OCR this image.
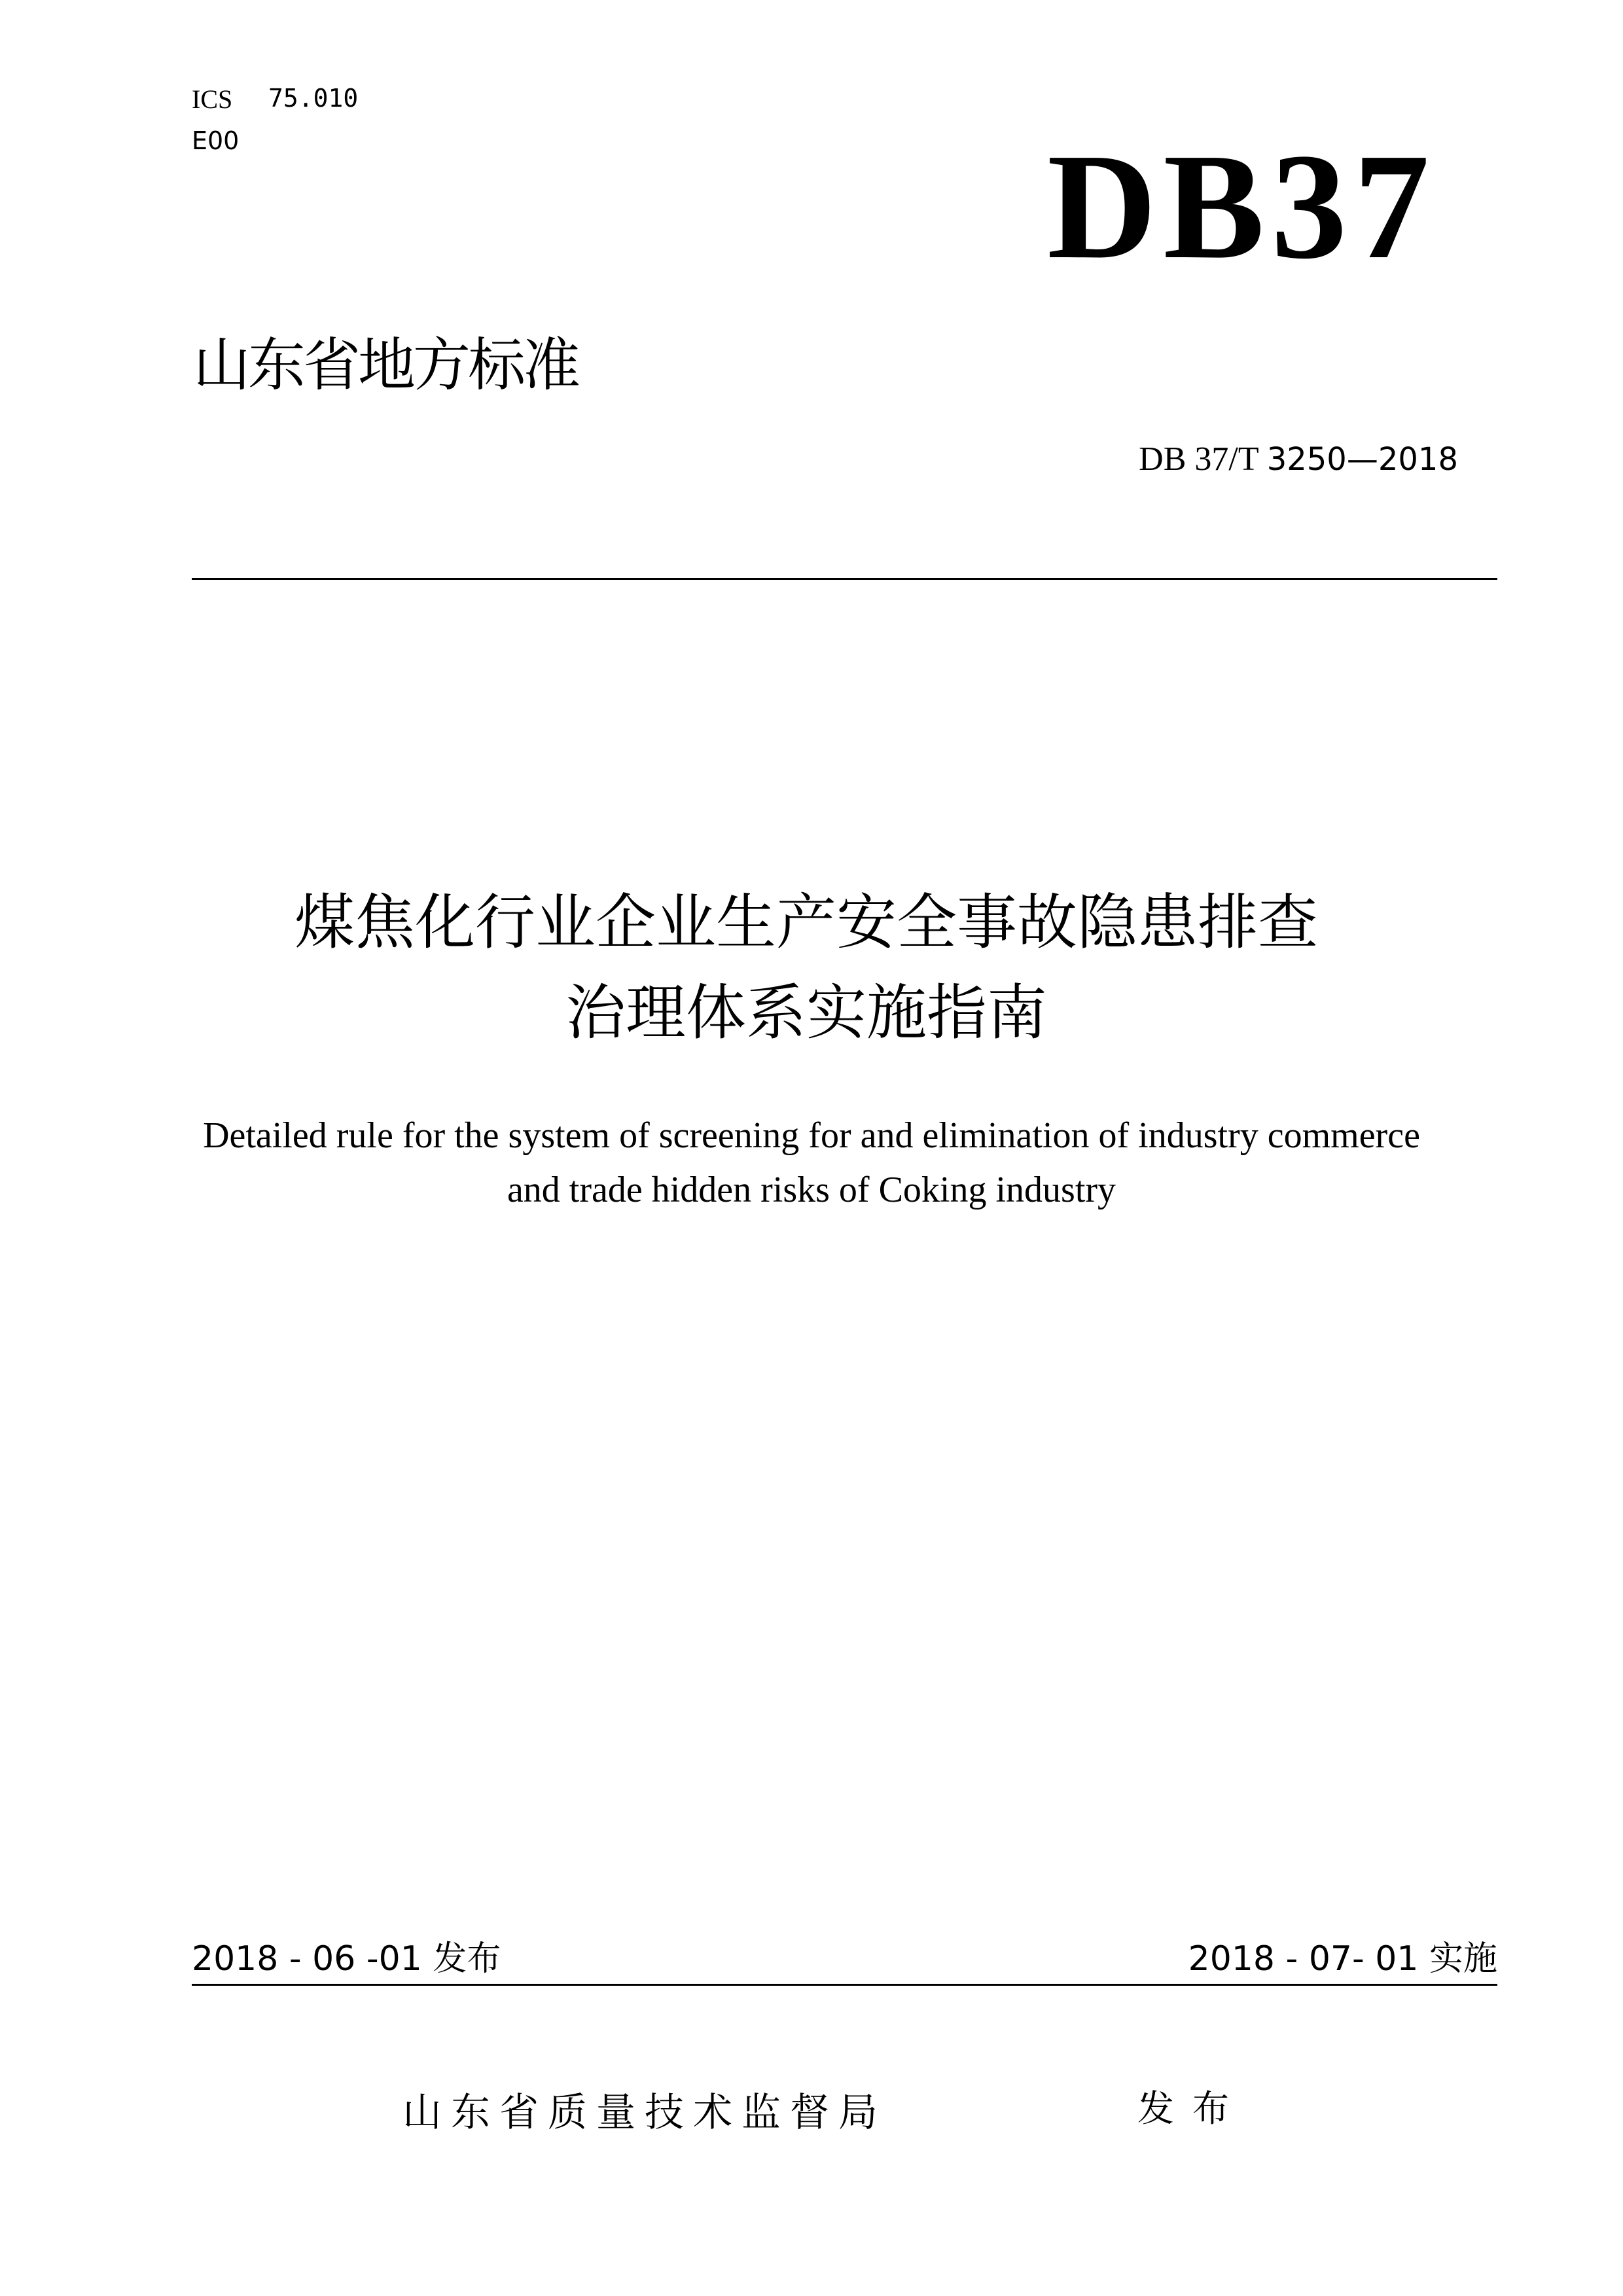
ICS 75.010
E00	DB37
山东省地方标准
DB 37/T 3250—2018
煤焦化行业企业生产安全事故隐患排查
治理体系实施指南
Detailed rule for the system of screening for and elimination of industry commerce
and trade hidden risks of Coking industry
2018 - 06 -01 发布	2018 - 07- 01 实施
山东省质量技术监督局	发布
